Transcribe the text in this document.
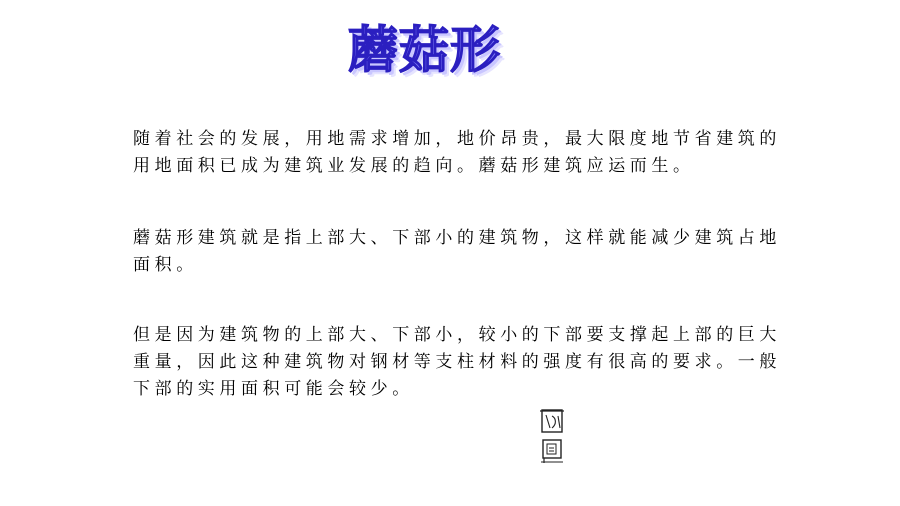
蘑菇形

随着社会的发展，用地需求增加，地价昂贵，最大限度地节省建筑的用地面积已成为建筑业发展的趋向。蘑菇形建筑应运而生。

蘑菇形建筑就是指上部大、下部小的建筑物，这样就能减少建筑占地面积。

但是因为建筑物的上部大、下部小，较小的下部要支撑起上部的巨大重量，因此这种建筑物对钢材等支柱材料的强度有很高的要求。一般下部的实用面积可能会较少。
